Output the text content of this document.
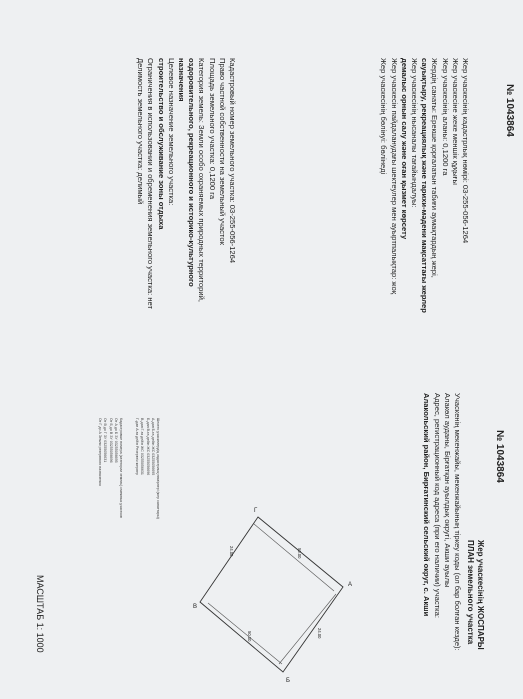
№ 1043864
Жер учаскесінің кадастрлық нөмірі: 03-255-056-1264
Жер учаскесіне жеке меншік құқығы
Жер учаскесінің аланы: 0,1200 га
Жердің санаты: Ерекше қорғалатын табиғи аумақтардың жері,
сауықтыру, рекреациялық және тарихи-мәдени мақсаттағы жерлер
Жер учаскесінің нысаналы тағайындалуы:
демалыс орнын салу және оған қызмет көрсету
Жер учаскесін пайдаланудағы шектеулер мен ауыртпалықтар: жоқ
Жер учаскесінің бөлінуі: бөлінеді
Кадастровый номер земельного участка: 03-255-056-1264
Право частной собственности на земельный участок
Площадь земельного участка: 0,1200 га
Категория земель: Земли особо охраняемых природных территорий,
оздоровительного, рекреационного и историко-культурного
назначения
Целевое назначение земельного участка:
строительство и обслуживание зоны отдыха
Ограничения в использовании и обременения земельного участка: нет
Делимость земельного участка: делимый
№ 1043864
Жер учаскесінің ЖОСПАРЫ
ПЛАН земельного участка
Учаскенің мекенжайы, мекенжайының тіркеу коды (ол бар болған кезде):
Алакөл ауданы, Бірғатқан ауылдық округі, Акши ауылы
Адрес, регистрационный код адреса (при его наличии) участка:
Алакольский район, Бирғатинский сельский округ, с. Акши
Шектес учаскелердің кадастрлық нөмірлері (жер санаттары)
A-дан Б-ға дейін ЖС 03255056695
Б-дан В-ға дейін ЖС 03255056696
В-дан Г-ға дейін ЖС 03255056631
Г-дан А-ға дейін Резервтік жерлер
Кадастровые номера (категории земель) смежных участков
От А до Б ЗУ 03255056695
От Б до В ЗУ 03255056696
От В до Г ЗУ 03255056631
От Г до А Земли резервного назначения
А
Б
В
Г
50.00
24.00
50.00
24.00
МАСШТАБ 1: 1000
